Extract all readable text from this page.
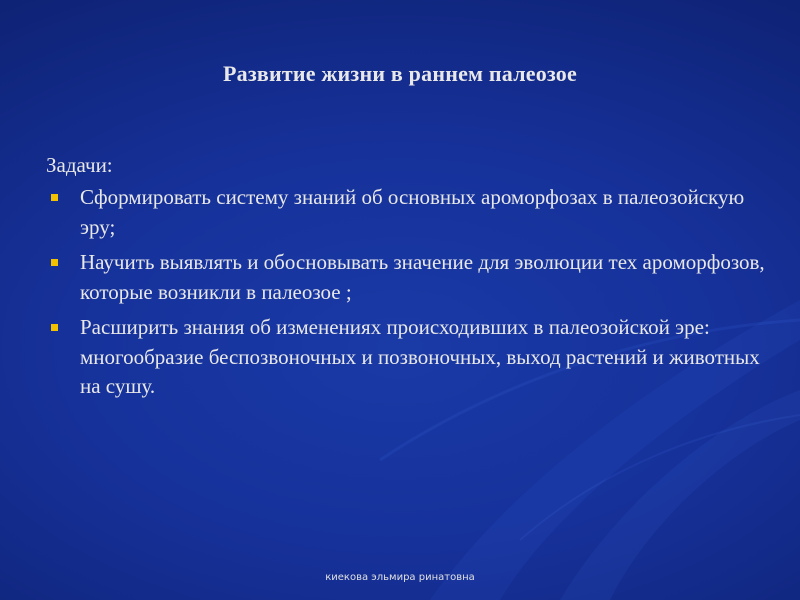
Развитие жизни в раннем палеозое
Задачи:
Сформировать систему знаний об основных ароморфозах в палеозойскую эру;
Научить выявлять и обосновывать значение для эволюции тех ароморфозов, которые возникли в палеозое ;
Расширить знания об изменениях происходивших в палеозойской эре: многообразие беспозвоночных и позвоночных, выход растений и животных на сушу.
киекова эльмира ринатовна
